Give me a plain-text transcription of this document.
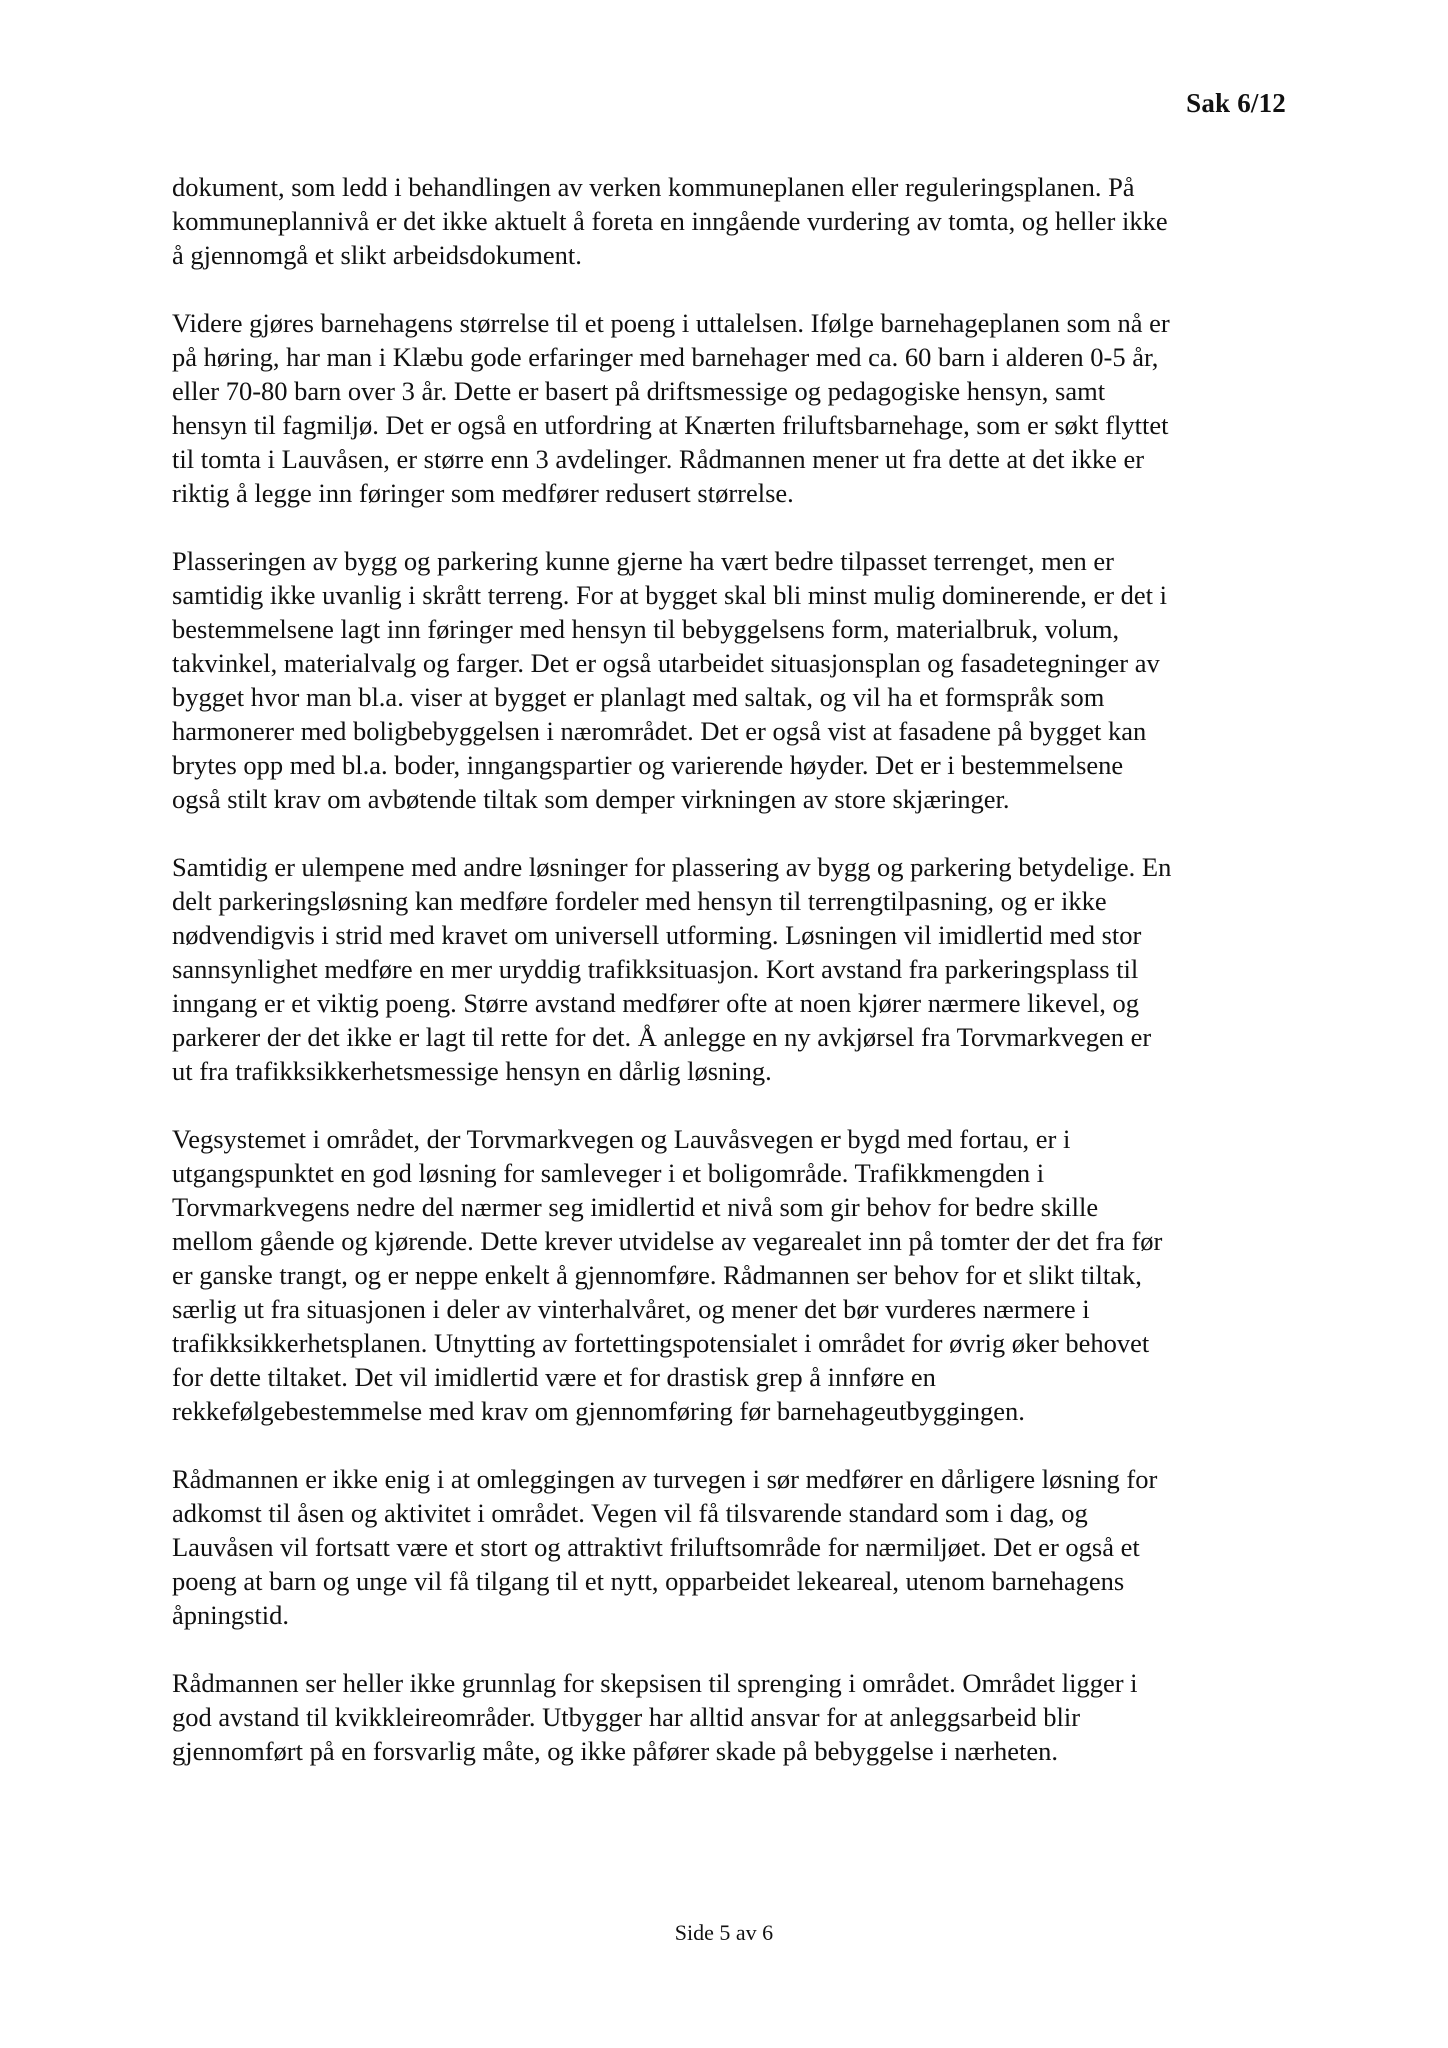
Sak 6/12
dokument, som ledd i behandlingen av verken kommuneplanen eller reguleringsplanen. På
kommuneplannivå er det ikke aktuelt å foreta en inngående vurdering av tomta, og heller ikke
å gjennomgå et slikt arbeidsdokument.
Videre gjøres barnehagens størrelse til et poeng i uttalelsen. Ifølge barnehageplanen som nå er
på høring, har man i Klæbu gode erfaringer med barnehager med ca. 60 barn i alderen 0-5 år,
eller 70-80 barn over 3 år. Dette er basert på driftsmessige og pedagogiske hensyn, samt
hensyn til fagmiljø. Det er også en utfordring at Knærten friluftsbarnehage, som er søkt flyttet
til tomta i Lauvåsen, er større enn 3 avdelinger. Rådmannen mener ut fra dette at det ikke er
riktig å legge inn føringer som medfører redusert størrelse.
Plasseringen av bygg og parkering kunne gjerne ha vært bedre tilpasset terrenget, men er
samtidig ikke uvanlig i skrått terreng. For at bygget skal bli minst mulig dominerende, er det i
bestemmelsene lagt inn føringer med hensyn til bebyggelsens form, materialbruk, volum,
takvinkel, materialvalg og farger. Det er også utarbeidet situasjonsplan og fasadetegninger av
bygget hvor man bl.a. viser at bygget er planlagt med saltak, og vil ha et formspråk som
harmonerer med boligbebyggelsen i nærområdet. Det er også vist at fasadene på bygget kan
brytes opp med bl.a. boder, inngangspartier og varierende høyder. Det er i bestemmelsene
også stilt krav om avbøtende tiltak som demper virkningen av store skjæringer.
Samtidig er ulempene med andre løsninger for plassering av bygg og parkering betydelige. En
delt parkeringsløsning kan medføre fordeler med hensyn til terrengtilpasning, og er ikke
nødvendigvis i strid med kravet om universell utforming. Løsningen vil imidlertid med stor
sannsynlighet medføre en mer uryddig trafikksituasjon. Kort avstand fra parkeringsplass til
inngang er et viktig poeng. Større avstand medfører ofte at noen kjører nærmere likevel, og
parkerer der det ikke er lagt til rette for det. Å anlegge en ny avkjørsel fra Torvmarkvegen er
ut fra trafikksikkerhetsmessige hensyn en dårlig løsning.
Vegsystemet i området, der Torvmarkvegen og Lauvåsvegen er bygd med fortau, er i
utgangspunktet en god løsning for samleveger i et boligområde. Trafikkmengden i
Torvmarkvegens nedre del nærmer seg imidlertid et nivå som gir behov for bedre skille
mellom gående og kjørende. Dette krever utvidelse av vegarealet inn på tomter der det fra før
er ganske trangt, og er neppe enkelt å gjennomføre. Rådmannen ser behov for et slikt tiltak,
særlig ut fra situasjonen i deler av vinterhalvåret, og mener det bør vurderes nærmere i
trafikksikkerhetsplanen. Utnytting av fortettingspotensialet i området for øvrig øker behovet
for dette tiltaket. Det vil imidlertid være et for drastisk grep å innføre en
rekkefølgebestemmelse med krav om gjennomføring før barnehageutbyggingen.
Rådmannen er ikke enig i at omleggingen av turvegen i sør medfører en dårligere løsning for
adkomst til åsen og aktivitet i området. Vegen vil få tilsvarende standard som i dag, og
Lauvåsen vil fortsatt være et stort og attraktivt friluftsområde for nærmiljøet. Det er også et
poeng at barn og unge vil få tilgang til et nytt, opparbeidet lekeareal, utenom barnehagens
åpningstid.
Rådmannen ser heller ikke grunnlag for skepsisen til sprenging i området. Området ligger i
god avstand til kvikkleireområder. Utbygger har alltid ansvar for at anleggsarbeid blir
gjennomført på en forsvarlig måte, og ikke påfører skade på bebyggelse i nærheten.
Side 5 av 6
